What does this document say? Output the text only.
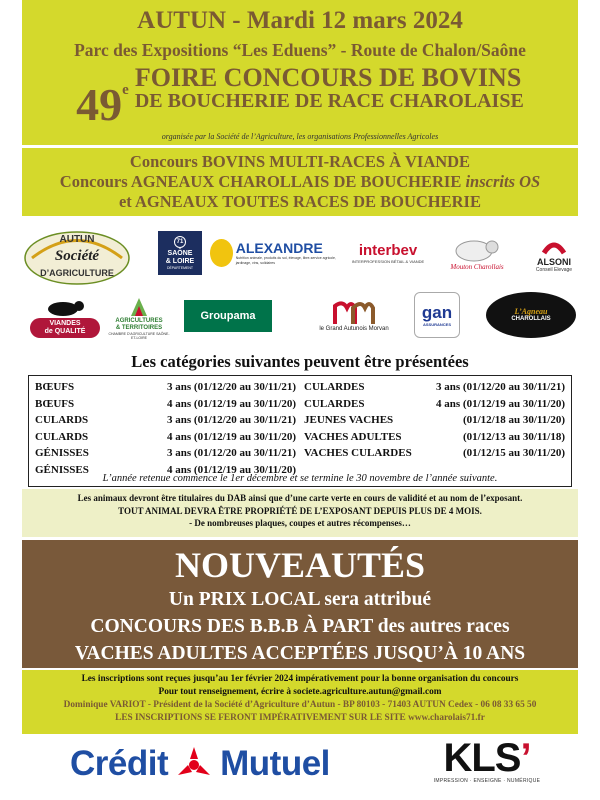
AUTUN - Mardi 12 mars 2024
Parc des Expositions “Les Eduens” - Route de Chalon/Saône
49e FOIRE CONCOURS DE BOVINS
DE BOUCHERIE DE RACE CHAROLAISE
organisée par la Société de l’Agriculture, les organisations Professionnelles Agricoles
Concours BOVINS MULTI-RACES À VIANDE
Concours AGNEAUX CHAROLLAIS DE BOUCHERIE inscrits OS
et AGNEAUX TOUTES RACES DE BOUCHERIE
AUTUN
Société
D’AGRICULTURE
71
SAÔNE
& LOIRE
DÉPARTEMENT
ALEXANDRE
Nutrition animale, produits du sol, élevage, libre-service agricole, jardinage, vins, solidaires
interbev
INTERPROFESSION BÉTAIL & VIANDE
Mouton Charollais	ALSONI
Conseil Elevage
VIANDES
de QUALITÉ
AGRICULTURES
& TERRITOIRES
CHAMBRE D’AGRICULTURE SAÔNE-ET-LOIRE
Groupama
le Grand Autunois Morvan
gan
ASSURANCES
L’Agneau
CHAROLLAIS
Les catégories suivantes peuvent être présentées
BŒUFS	3 ans (01/12/20 au 30/11/21)
BŒUFS	4 ans (01/12/19 au 30/11/20)
CULARDS	3 ans (01/12/20 au 30/11/21)
CULARDS	4 ans (01/12/19 au 30/11/20)
GÉNISSES	3 ans (01/12/20 au 30/11/21)
GÉNISSES	4 ans (01/12/19 au 30/11/20)
CULARDES	3 ans (01/12/20 au 30/11/21)
CULARDES	4 ans (01/12/19 au 30/11/20)
JEUNES VACHES	(01/12/18 au 30/11/20)
VACHES ADULTES	(01/12/13 au 30/11/18)
VACHES CULARDES	(01/12/15 au 30/11/20)
L’année retenue commence le 1er décembre et se termine le 30 novembre de l’année suivante.
Les animaux devront être titulaires du DAB ainsi que d’une carte verte en cours de validité et au nom de l’exposant.
TOUT ANIMAL DEVRA ÊTRE PROPRIÉTÉ DE L’EXPOSANT DEPUIS PLUS DE 4 MOIS.
- De nombreuses plaques, coupes et autres récompenses…
NOUVEAUTÉS
Un PRIX LOCAL sera attribué
CONCOURS DES B.B.B À PART des autres races
VACHES ADULTES ACCEPTÉES JUSQU’À 10 ANS
Les inscriptions sont reçues jusqu’au 1er février 2024 impérativement pour la bonne organisation du concours
Pour tout renseignement, écrire à societe.agriculture.autun@gmail.com
Dominique VARIOT - Président de la Société d’Agriculture d’Autun - BP 80103 - 71403 AUTUN Cedex - 06 08 33 65 50
LES INSCRIPTIONS SE FERONT IMPÉRATIVEMENT SUR LE SITE www.charolais71.fr
Crédit Mutuel	KLS’
IMPRESSION · ENSEIGNE · NUMÉRIQUE
